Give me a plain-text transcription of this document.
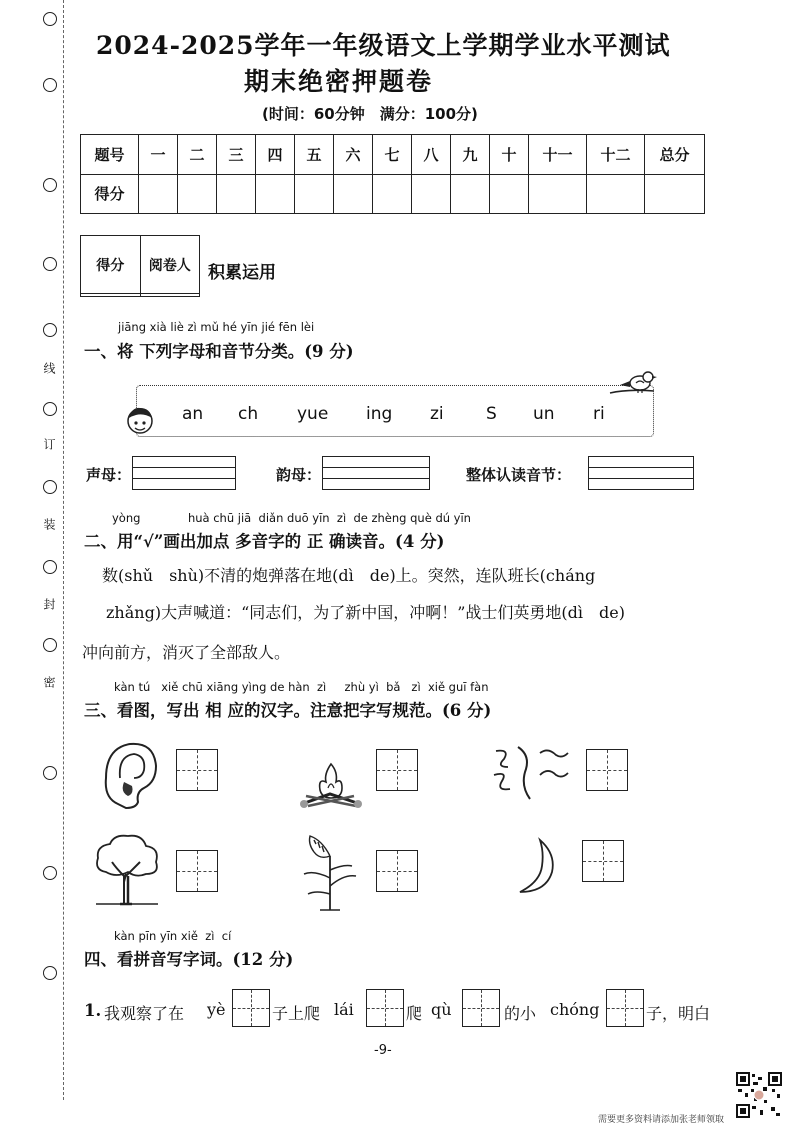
线
订
装
封
密
2024-2025学年一年级语文上学期学业水平测试
期末绝密押题卷
(时间：60分钟　满分：100分)
题号	一	二	三	四	五	六	七	八	九	十	十一	十二	总分
得分													
得分	阅卷人
	积累运用
jiāng xià liè zì mǔ hé yīn jié fēn lèi
一、将 下列字母和音节分类。(9 分)
an ch yue ing zi S un ri
声母：	韵母：	整体认读音节：
yòng             huà chū jiā  diǎn duō yīn  zì  de zhèng què dú yīn
二、用“√”画出加点 多音字的 正 确读音。(4 分)
数(shǔ　shù)不清的炮弹落在地(dì　de)上。突然，连队班长(cháng
zhǎng)大声喊道：“同志们，为了新中国，冲啊！”战士们英勇地(dì　de)
冲向前方，消灭了全部敌人。
kàn tú   xiě chū xiāng yìng de hàn  zì     zhù yì  bǎ   zì  xiě guī fàn
三、看图，写出 相 应的汉字。注意把字写规范。(6 分)
kàn pīn yīn xiě  zì  cí
四、看拼音写字词。(12 分)
1. 我观察了在 yè	子上爬 lái	爬 qù	的小 chóng	子，明白
-9-
需要更多资料请添加张老师领取
